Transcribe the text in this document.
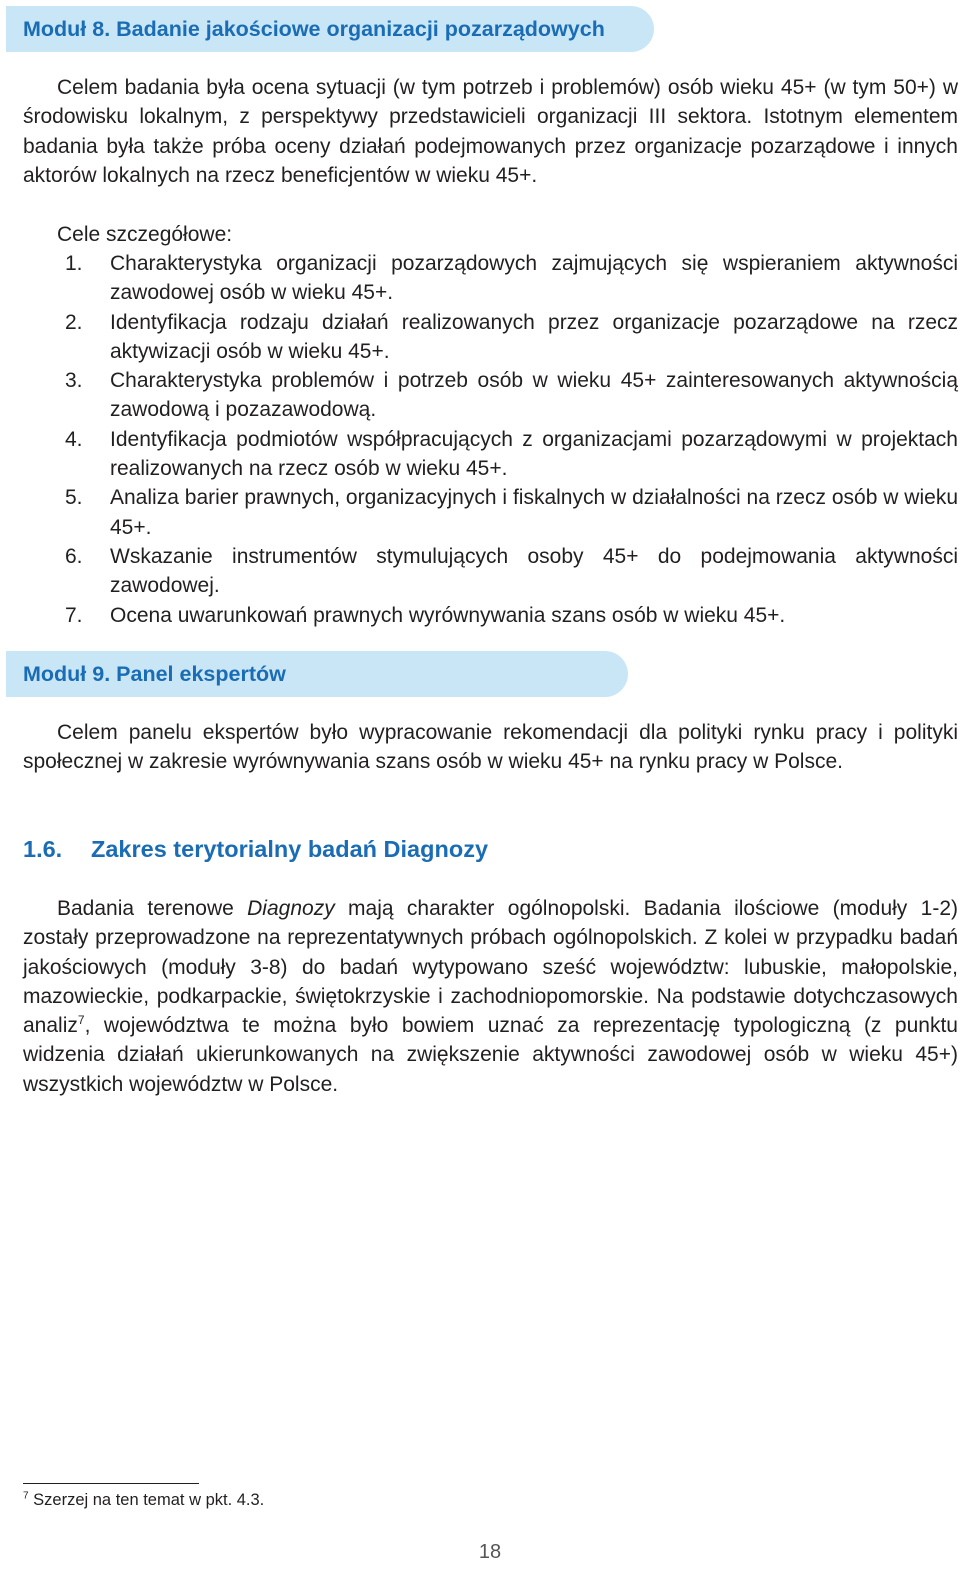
Moduł 8. Badanie jakościowe organizacji pozarządowych

Celem badania była ocena sytuacji (w tym potrzeb i problemów) osób wieku 45+ (w tym 50+) w środowisku lokalnym, z perspektywy przedstawicieli organizacji III sektora. Istotnym elementem badania była także próba oceny działań podejmowanych przez organizacje pozarządowe i innych aktorów lokalnych na rzecz beneficjentów w wieku 45+.

Cele szczegółowe:

1. Charakterystyka organizacji pozarządowych zajmujących się wspieraniem aktywności zawodowej osób w wieku 45+.
2. Identyfikacja rodzaju działań realizowanych przez organizacje pozarządowe na rzecz aktywizacji osób w wieku 45+.
3. Charakterystyka problemów i potrzeb osób w wieku 45+ zainteresowanych aktywnością zawodową i pozazawodową.
4. Identyfikacja podmiotów współpracujących z organizacjami pozarządowymi w projektach realizowanych na rzecz osób w wieku 45+.
5. Analiza barier prawnych, organizacyjnych i fiskalnych w działalności na rzecz osób w wieku 45+.
6. Wskazanie instrumentów stymulujących osoby 45+ do podejmowania aktywności zawodowej.
7. Ocena uwarunkowań prawnych wyrównywania szans osób w wieku 45+.
Moduł 9. Panel ekspertów

Celem panelu ekspertów było wypracowanie rekomendacji dla polityki rynku pracy i polityki społecznej w zakresie wyrównywania szans osób w wieku 45+ na rynku pracy w Polsce.

1.6. Zakres terytorialny badań Diagnozy

Badania terenowe Diagnozy mają charakter ogólnopolski. Badania ilościowe (moduły 1-2) zostały przeprowadzone na reprezentatywnych próbach ogólnopolskich. Z kolei w przypadku badań jakościowych (moduły 3-8) do badań wytypowano sześć województw: lubuskie, małopolskie, mazowieckie, podkarpackie, świętokrzyskie i zachodniopomorskie. Na podstawie dotychczasowych analiz$^7$, województwa te można było bowiem uznać za reprezentację typologiczną (z punktu widzenia działań ukierunkowanych na zwiększenie aktywności zawodowej osób w wieku 45+) wszystkich województw w Polsce.

$^7$ Szerzej na ten temat w pkt. 4.3.

18
